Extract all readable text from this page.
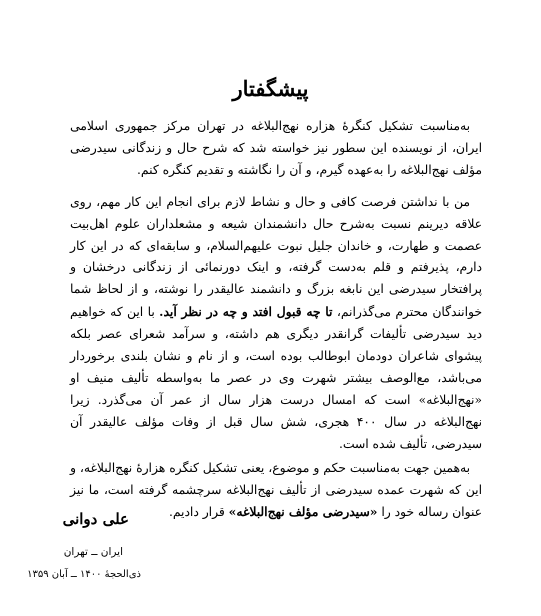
پیشگفتار

به‌مناسبت تشکیل کنگرهٔ هزاره نهج‌البلاغه در تهران مرکز جمهوری اسلامی ایران، از نویسنده این سطور نیز خواسته شد که شرح حال و زندگانی سیدرضی مؤلف نهج‌البلاغه را به‌عهده گیرم، و آن را نگاشته و تقدیم کنگره کنم.

من با نداشتن فرصت کافی و حال و نشاط لازم برای انجام این کار مهم، روی علاقه دیرینم نسبت به‌شرح حال دانشمندان شیعه و مشعلداران علوم اهل‌بیت عصمت و طهارت، و خاندان جلیل نبوت علیهم‌السلام، و سابقه‌ای که در این کار دارم، پذیرفتم و قلم به‌دست گرفته، و اینک دورنمائی از زندگانی درخشان و پرافتخار سیدرضی این نابغه بزرگ و دانشمند عالیقدر را نوشته، و از لحاظ شما خوانندگان محترم می‌گذرانم، تا چه قبول افتد و چه در نظر آید. با این که خواهیم دید سیدرضی تألیفات گرانقدر دیگری هم داشته، و سرآمد شعرای عصر بلکه پیشوای شاعران دودمان ابوطالب بوده است، و از نام و نشان بلندی برخوردار می‌باشد، مع‌الوصف بیشتر شهرت وی در عصر ما به‌واسطه تألیف منیف او «نهج‌البلاغه» است که امسال درست هزار سال از عمر آن می‌گذرد. زیرا نهج‌البلاغه در سال ۴۰۰ هجری، شش سال قبل از وفات مؤلف عالیقدر آن سیدرضی، تألیف شده است.

به‌همین جهت به‌مناسبت حکم و موضوع، یعنی تشکیل کنگره هزارهٔ نهج‌البلاغه، و این که شهرت عمده سیدرضی از تألیف نهج‌البلاغه سرچشمه گرفته است، ما نیز عنوان رساله خود را «سیدرضی مؤلف نهج‌البلاغه» قرار دادیم.

علی دوانی
ایران ــ تهران
ذی‌الحجهٔ ۱۴۰۰ ــ آبان ۱۳۵۹
